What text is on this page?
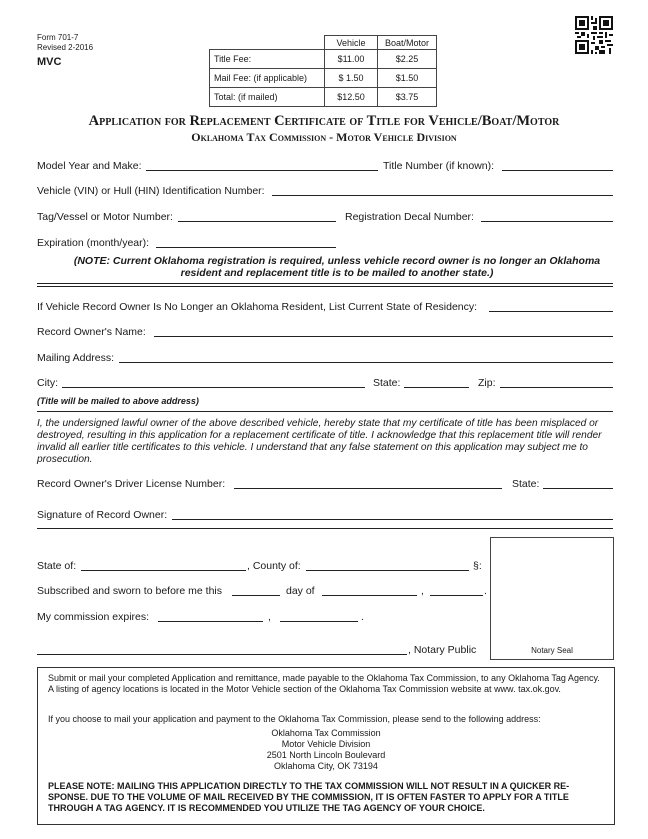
Form 701-7
Revised 2-2016
MVC
	Vehicle	Boat/Motor
Title Fee:	$11.00	$2.25
Mail Fee: (if applicable)	$ 1.50	$1.50
Total: (if mailed)	$12.50	$3.75
Application for Replacement Certificate of Title for Vehicle/Boat/Motor
Oklahoma Tax Commission - Motor Vehicle Division
Model Year and Make:	Title Number (if known):
Vehicle (VIN) or Hull (HIN) Identification Number:
Tag/Vessel or Motor Number:	Registration Decal Number:
Expiration (month/year):
(NOTE: Current Oklahoma registration is required, unless vehicle record owner is no longer an Oklahoma
resident and replacement title is to be mailed to another state.)
If Vehicle Record Owner Is No Longer an Oklahoma Resident, List Current State of Residency:
Record Owner's Name:
Mailing Address:
City:	State:	Zip:
(Title will be mailed to above address)
I, the undersigned lawful owner of the above described vehicle, hereby state that my certificate of title has been misplaced or destroyed, resulting in this application for a replacement certificate of title. I acknowledge that this replacement title will render invalid all earlier title certificates to this vehicle. I understand that any false statement on this application may subject me to prosecution.
Record Owner's Driver License Number:	State:
Signature of Record Owner:
State of:	, County of:	§:
Subscribed and sworn to before me this	day of	,	.
My commission expires:	,	.
, Notary Public	Notary Seal
Submit or mail your completed Application and remittance, made payable to the Oklahoma Tax Commission, to any Oklahoma Tag Agency. A listing of agency locations is located in the Motor Vehicle section of the Oklahoma Tax Commission website at www. tax.ok.gov.
If you choose to mail your application and payment to the Oklahoma Tax Commission, please send to the following address:
Oklahoma Tax Commission
Motor Vehicle Division
2501 North Lincoln Boulevard
Oklahoma City, OK 73194
PLEASE NOTE: MAILING THIS APPLICATION DIRECTLY TO THE TAX COMMISSION WILL NOT RESULT IN A QUICKER RE-SPONSE. DUE TO THE VOLUME OF MAIL RECEIVED BY THE COMMISSION, IT IS OFTEN FASTER TO APPLY FOR A TITLE THROUGH A TAG AGENCY. IT IS RECOMMENDED YOU UTILIZE THE TAG AGENCY OF YOUR CHOICE.
